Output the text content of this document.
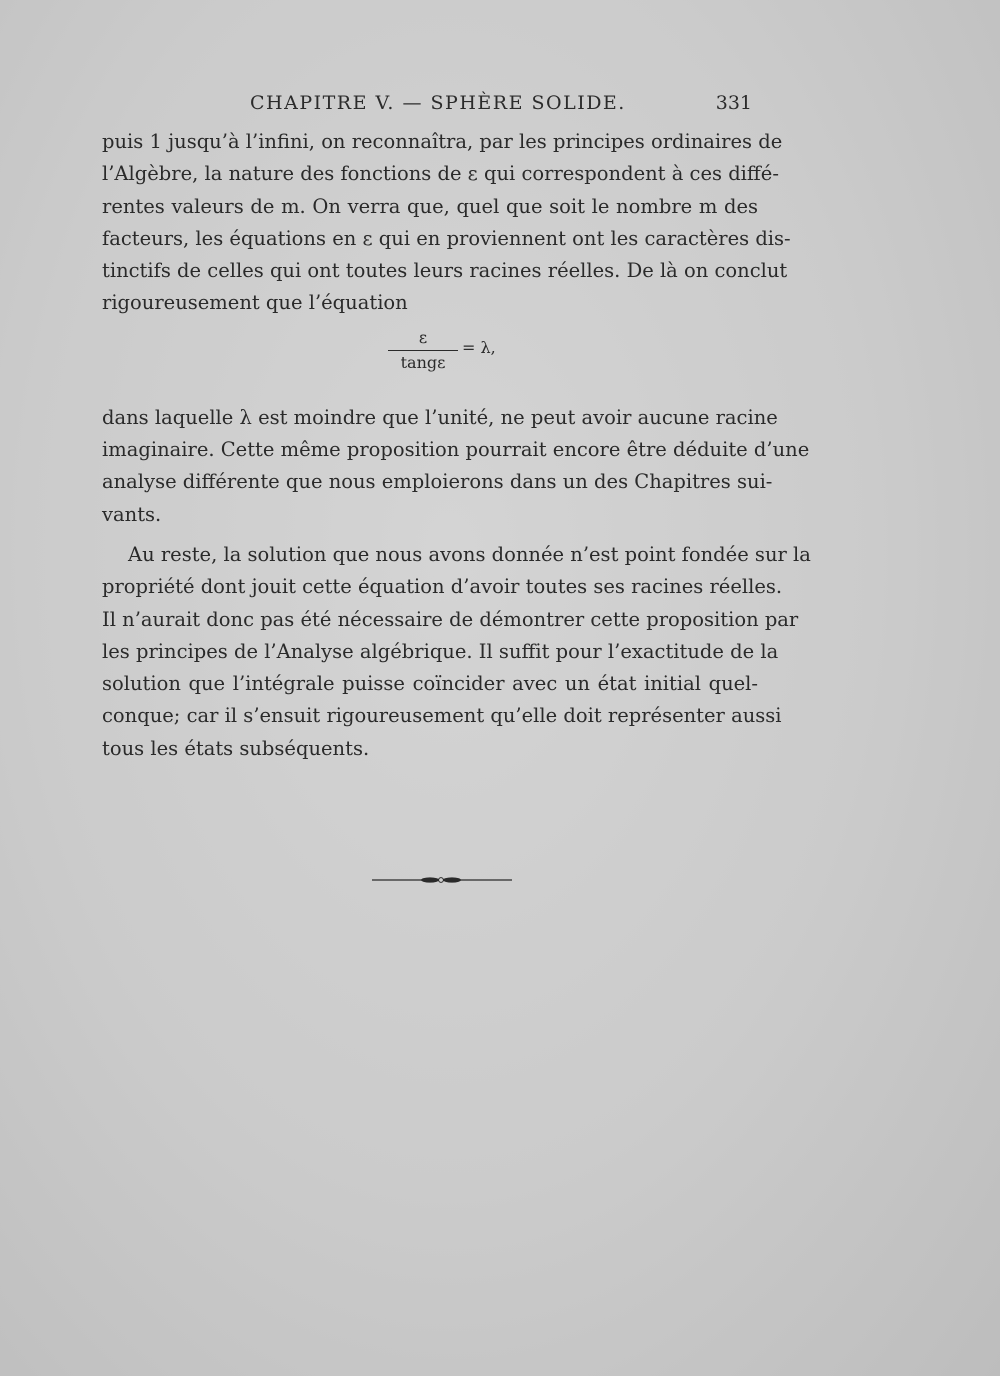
CHAPITRE V. — SPHÈRE SOLIDE.	331
puis 1 jusqu’à l’infini, on reconnaîtra, par les principes ordinaires de
l’Algèbre, la nature des fonctions de ε qui correspondent à ces diffé-
rentes valeurs de m. On verra que, quel que soit le nombre m des
facteurs, les équations en ε qui en proviennent ont les caractères dis-
tinctifs de celles qui ont toutes leurs racines réelles. De là on conclut
rigoureusement que l’équation
$\frac{\varepsilon}{\tan g\varepsilon} = \lambda$,
dans laquelle λ est moindre que l’unité, ne peut avoir aucune racine
imaginaire. Cette même proposition pourrait encore être déduite d’une
analyse différente que nous emploierons dans un des Chapitres sui-
vants.
Au reste, la solution que nous avons donnée n’est point fondée sur la
propriété dont jouit cette équation d’avoir toutes ses racines réelles.
Il n’aurait donc pas été nécessaire de démontrer cette proposition par
les principes de l’Analyse algébrique. Il suffit pour l’exactitude de la
solution que l’intégrale puisse coïncider avec un état initial quel-
conque; car il s’ensuit rigoureusement qu’elle doit représenter aussi
tous les états subséquents.
